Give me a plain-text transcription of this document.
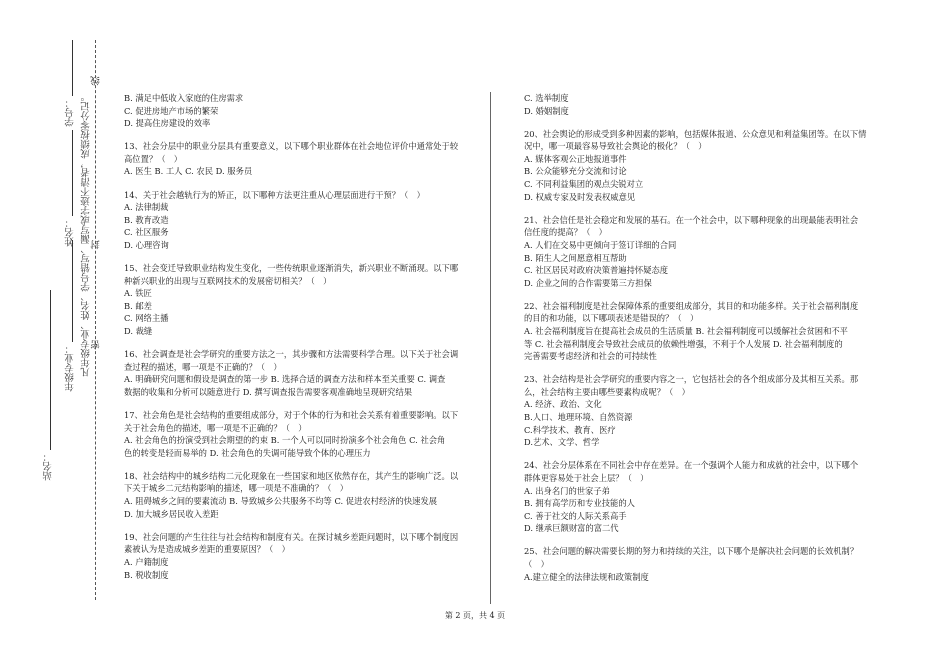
学号：
姓名：
年级专业：
站名：
凡年级专业、姓名、学号错写、漏写或字迹不清者，成绩按零分记。
线
封
密
B. 满足中低收入家庭的住房需求
C. 促进房地产市场的繁荣
D. 提高住房建设的效率
13、社会分层中的职业分层具有重要意义，以下哪个职业群体在社会地位评价中通常处于较
高位置？（　）
A. 医生 B. 工人 C. 农民 D. 服务员
14、关于社会越轨行为的矫正，以下哪种方法更注重从心理层面进行干预？（　）
A. 法律制裁
B. 教育改造
C. 社区服务
D. 心理咨询
15、社会变迁导致职业结构发生变化，一些传统职业逐渐消失，新兴职业不断涌现。以下哪
种新兴职业的出现与互联网技术的发展密切相关？（　）
A. 铁匠
B. 邮差
C. 网络主播
D. 裁缝
16、社会调查是社会学研究的重要方法之一，其步骤和方法需要科学合理。以下关于社会调
查过程的描述，哪一项是不正确的？（　）
A. 明确研究问题和假设是调查的第一步 B. 选择合适的调查方法和样本至关重要 C. 调查
数据的收集和分析可以随意进行 D. 撰写调查报告需要客观准确地呈现研究结果
17、社会角色是社会结构的重要组成部分，对于个体的行为和社会关系有着重要影响。以下
关于社会角色的描述，哪一项是不正确的？（　）
A. 社会角色的扮演受到社会期望的约束 B. 一个人可以同时扮演多个社会角色 C. 社会角
色的转变是轻而易举的 D. 社会角色的失调可能导致个体的心理压力
18、社会结构中的城乡结构二元化现象在一些国家和地区依然存在，其产生的影响广泛。以
下关于城乡二元结构影响的描述，哪一项是不准确的？（　）
A. 阻碍城乡之间的要素流动 B. 导致城乡公共服务不均等 C. 促进农村经济的快速发展
D. 加大城乡居民收入差距
19、社会问题的产生往往与社会结构和制度有关。在探讨城乡差距问题时，以下哪个制度因
素被认为是造成城乡差距的重要原因？（　）
A. 户籍制度
B. 税收制度
C. 选举制度
D. 婚姻制度
20、社会舆论的形成受到多种因素的影响，包括媒体报道、公众意见和利益集团等。在以下情
况中，哪一项最容易导致社会舆论的极化？（　）
A. 媒体客观公正地报道事件
B. 公众能够充分交流和讨论
C. 不同利益集团的观点尖锐对立
D. 权威专家及时发表权威意见
21、社会信任是社会稳定和发展的基石。在一个社会中，以下哪种现象的出现最能表明社会
信任度的提高？（　）
A. 人们在交易中更倾向于签订详细的合同
B. 陌生人之间愿意相互帮助
C. 社区居民对政府决策普遍持怀疑态度
D. 企业之间的合作需要第三方担保
22、社会福利制度是社会保障体系的重要组成部分，其目的和功能多样。关于社会福利制度
的目的和功能，以下哪项表述是错误的？（　）
A. 社会福利制度旨在提高社会成员的生活质量 B. 社会福利制度可以缓解社会贫困和不平
等 C. 社会福利制度会导致社会成员的依赖性增强，不利于个人发展 D. 社会福利制度的
完善需要考虑经济和社会的可持续性
23、社会结构是社会学研究的重要内容之一，它包括社会的各个组成部分及其相互关系。那
么，社会结构主要由哪些要素构成呢？（　）
A. 经济、政治、文化
B.人口、地理环境、自然资源
C.科学技术、教育、医疗
D.艺术、文学、哲学
24、社会分层体系在不同社会中存在差异。在一个强调个人能力和成就的社会中，以下哪个
群体更容易处于社会上层？（　）
A. 出身名门的世家子弟
B. 拥有高学历和专业技能的人
C. 善于社交的人际关系高手
D. 继承巨额财富的富二代
25、社会问题的解决需要长期的努力和持续的关注，以下哪个是解决社会问题的长效机制？
（　）
A.建立健全的法律法规和政策制度
第 2 页，共 4 页
